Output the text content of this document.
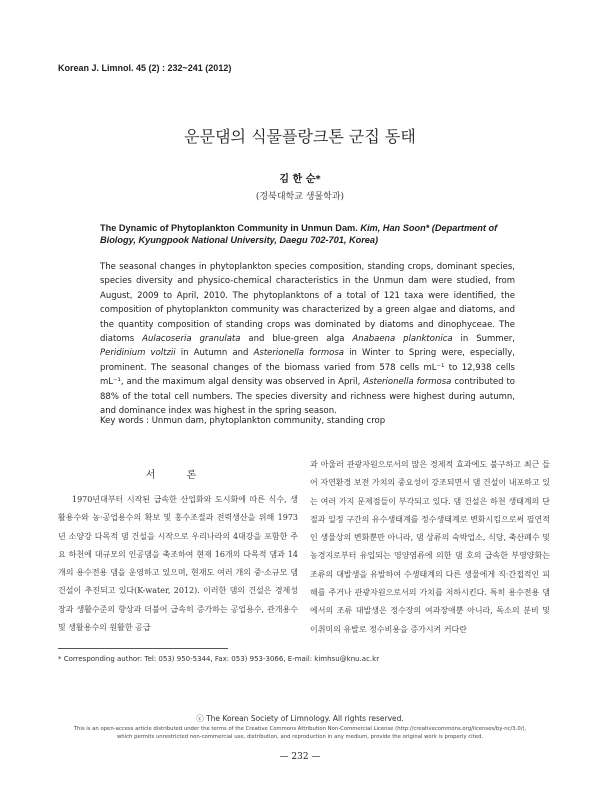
Korean J. Limnol. 45 (2) : 232~241 (2012)
운문댐의 식물플랑크톤 군집 동태
김 한 순*
(경북대학교 생물학과)
The Dynamic of Phytoplankton Community in Unmun Dam. Kim, Han Soon* (Department of Biology, Kyungpook National University, Daegu 702-701, Korea)
The seasonal changes in phytoplankton species composition, standing crops, dominant species, species diversity and physico-chemical characteristics in the Unmun dam were studied, from August, 2009 to April, 2010. The phytoplanktons of a total of 121 taxa were identified, the composition of phytoplankton community was characterized by a green algae and diatoms, and the quantity composition of standing crops was dominated by diatoms and dinophyceae. The diatoms Aulacoseria granulata and blue-green alga Anabaena planktonica in Summer, Peridinium voltzii in Autumn and Asterionella formosa in Winter to Spring were, especially, prominent. The seasonal changes of the biomass varied from 578 cells mL⁻¹ to 12,938 cells mL⁻¹, and the maximum algal density was observed in April, Asterionella formosa contributed to 88% of the total cell numbers. The species diversity and richness were highest during autumn, and dominance index was highest in the spring season.
Key words : Unmun dam, phytoplankton community, standing crop
서 론
1970년대부터 시작된 급속한 산업화와 도시화에 따른 식수, 생활용수와 농·공업용수의 확보 및 홍수조절과 전력생산을 위해 1973년 소양강 다목적 댐 건설을 시작으로 우리나라의 4대강을 포함한 주요 하천에 대규모의 인공댐을 축조하여 현재 16개의 다목적 댐과 14개의 용수전용 댐을 운영하고 있으며, 현재도 여러 개의 중·소규모 댐 건설이 추진되고 있다(K-water, 2012). 이러한 댐의 건설은 경제성장과 생활수준의 향상과 더불어 급속히 증가하는 공업용수, 관개용수 및 생활용수의 원활한 공급
과 아울러 관광자원으로서의 많은 경제적 효과에도 불구하고 최근 들어 자연환경 보전 가치의 중요성이 강조되면서 댐 건설이 내포하고 있는 여러 가지 문제점들이 부각되고 있다. 댐 건설은 하천 생태계의 단절과 일정 구간의 유수생태계를 정수생태계로 변화시킴으로써 필연적인 생물상의 변화뿐만 아니라, 댐 상류의 숙박업소, 식당, 축산폐수 및 농경지로부터 유입되는 영양염류에 의한 댐 호의 급속한 부영양화는 조류의 대발생을 유발하여 수생태계의 다른 생물에게 직·간접적인 피해를 주거나 관광자원으로서의 가치를 저하시킨다. 특히 용수전용 댐에서의 조류 대발생은 정수장의 여과장애뿐 아니라, 독소의 분비 및 이취미의 유발로 정수비용을 증가시켜 커다란
* Corresponding author: Tel: 053) 950-5344, Fax: 053) 953-3066, E-mail: kimhsu@knu.ac.kr
ⓒ The Korean Society of Limnology. All rights reserved.
This is an open-access article distributed under the terms of the Creative Commons Attribution Non-Commercial License (http://creativecommons.org/licenses/by-nc/3.0/),
which permits unrestricted non-commercial use, distribution, and reproduction in any medium, provide the original work is properly cited.
— 232 —
